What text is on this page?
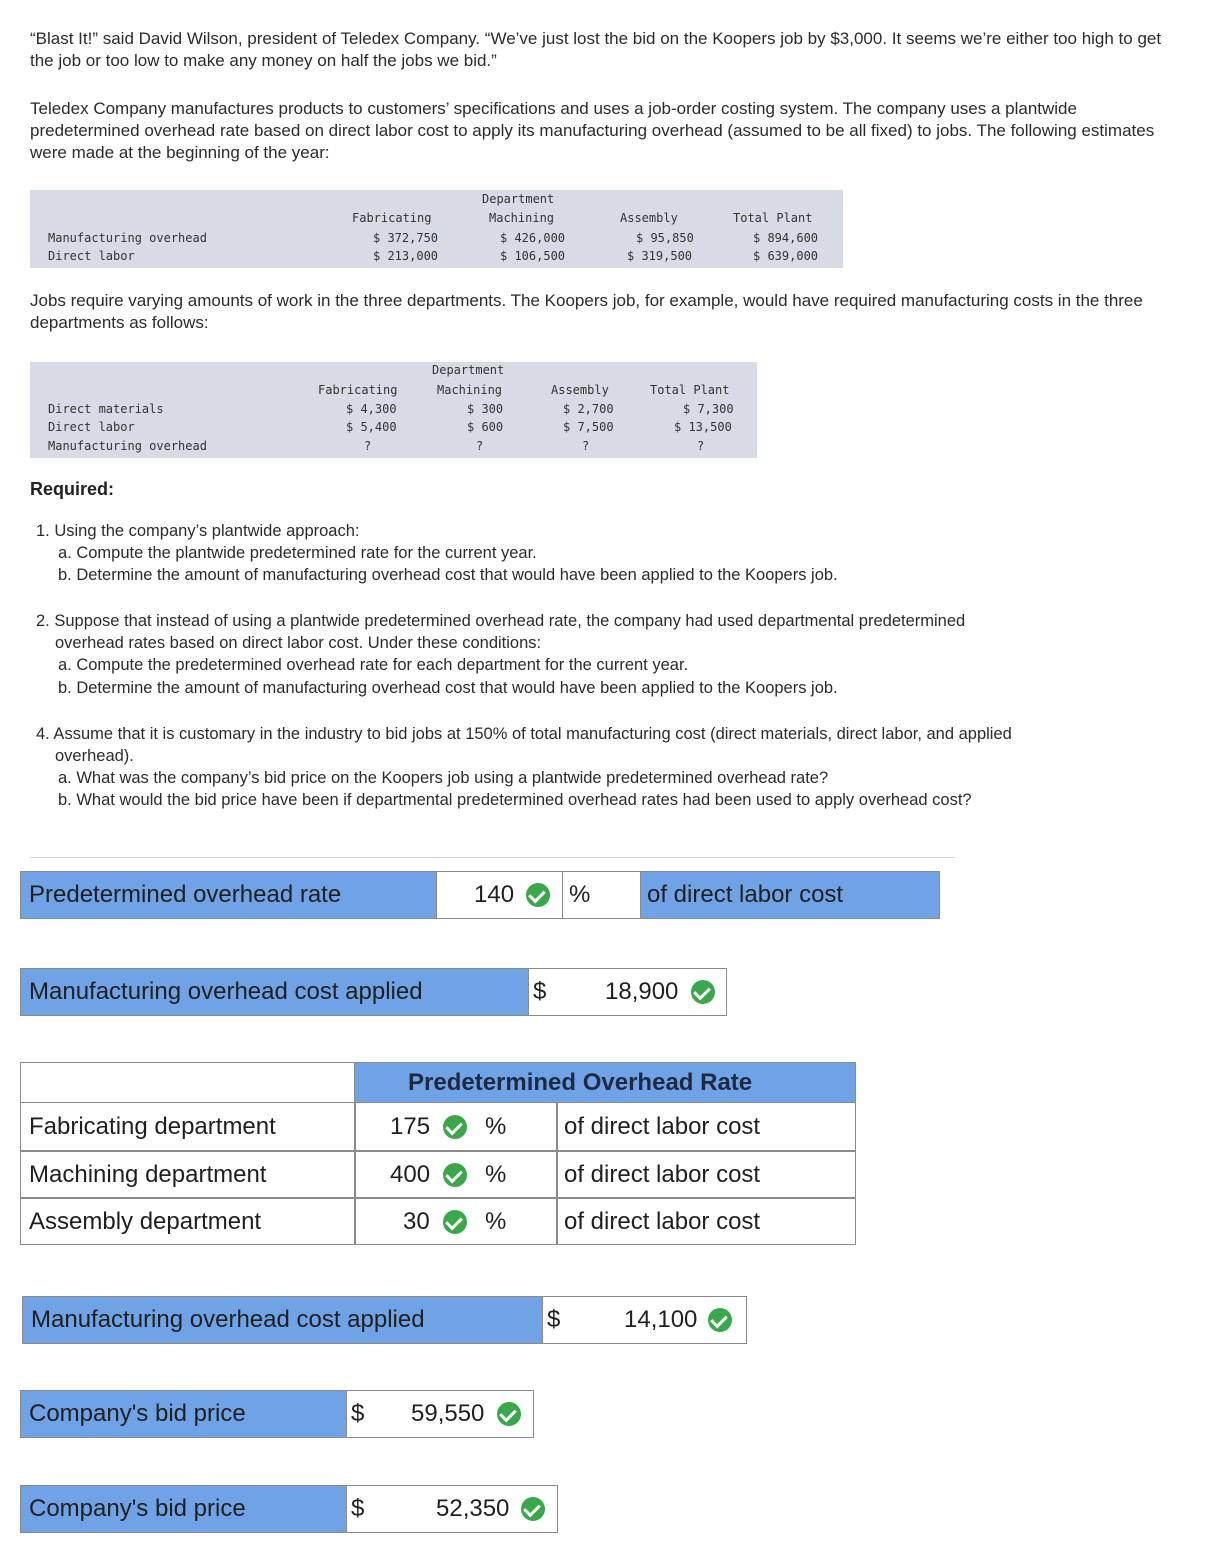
“Blast It!” said David Wilson, president of Teledex Company. “We’ve just lost the bid on the Koopers job by $3,000. It seems we’re either too high to get the job or too low to make any money on half the jobs we bid.”
Teledex Company manufactures products to customers’ specifications and uses a job-order costing system. The company uses a plantwide predetermined overhead rate based on direct labor cost to apply its manufacturing overhead (assumed to be all fixed) to jobs. The following estimates were made at the beginning of the year:
Department
Fabricating	Machining	Assembly	Total Plant
Manufacturing overhead	$ 372,750	$ 426,000	$ 95,850	$ 894,600
Direct labor	$ 213,000	$ 106,500	$ 319,500	$ 639,000
Jobs require varying amounts of work in the three departments. The Koopers job, for example, would have required manufacturing costs in the three departments as follows:
Department
Fabricating	Machining	Assembly	Total Plant
Direct materials	$ 4,300	$ 300	$ 2,700	$ 7,300
Direct labor	$ 5,400	$ 600	$ 7,500	$ 13,500
Manufacturing overhead	?	?	?	?
Required:
1. Using the company’s plantwide approach:
a. Compute the plantwide predetermined rate for the current year.
b. Determine the amount of manufacturing overhead cost that would have been applied to the Koopers job.
2. Suppose that instead of using a plantwide predetermined overhead rate, the company had used departmental predetermined
overhead rates based on direct labor cost. Under these conditions:
a. Compute the predetermined overhead rate for each department for the current year.
b. Determine the amount of manufacturing overhead cost that would have been applied to the Koopers job.
4. Assume that it is customary in the industry to bid jobs at 150% of total manufacturing cost (direct materials, direct labor, and applied
overhead).
a. What was the company’s bid price on the Koopers job using a plantwide predetermined overhead rate?
b. What would the bid price have been if departmental predetermined overhead rates had been used to apply overhead cost?
Predetermined overhead rate	140 % of direct labor cost
Manufacturing overhead cost applied	$ 18,900
Predetermined Overhead Rate
Fabricating department	175 % of direct labor cost
Machining department	400 % of direct labor cost
Assembly department	30 % of direct labor cost
Manufacturing overhead cost applied	$	14,100
Company's bid price	$ 59,550
Company's bid price	$	52,350
